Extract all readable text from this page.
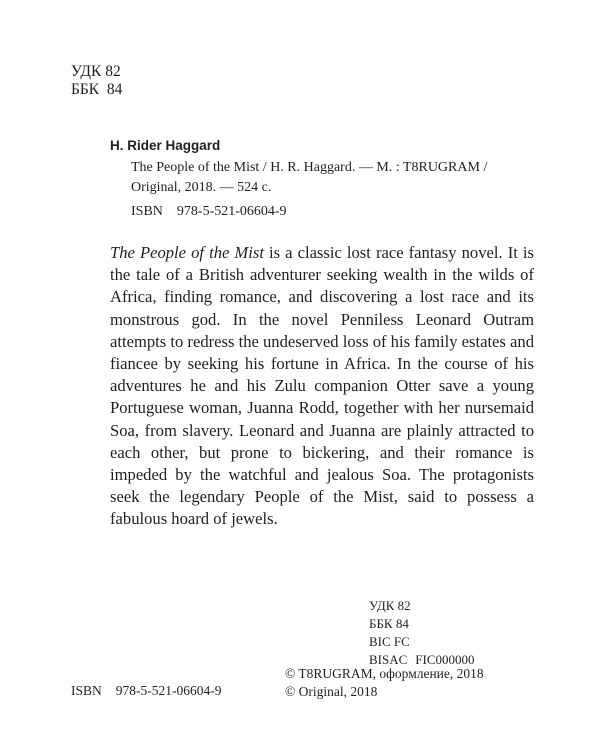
УДК 82
ББК  84
H. Rider Haggard

The People of the Mist / H. R. Haggard. — M. : T8RUGRAM /

Original, 2018. — 524 c.

ISBN 978-5-521-06604-9

The People of the Mist is a classic lost race fantasy novel. It is the tale of a British adventurer seeking wealth in the wilds of Africa, finding romance, and discovering a lost race and its monstrous god. In the novel Penniless Leonard Outram attempts to redress the undeserved loss of his family estates and fiancee by seeking his fortune in Africa. In the course of his adventures he and his Zulu companion Otter save a young Portuguese woman, Juanna Rodd, together with her nursemaid Soa, from slavery. Leonard and Juanna are plainly attracted to each other, but prone to bickering, and their romance is impeded by the watchful and jealous Soa. The protagonists seek the legendary People of the Mist, said to possess a fabulous hoard of jewels.

УДК 82
ББК 84
BIC FC
BISAC FIC000000
© T8RUGRAM, оформление, 2018
© Original, 2018
ISBN 978-5-521-06604-9
